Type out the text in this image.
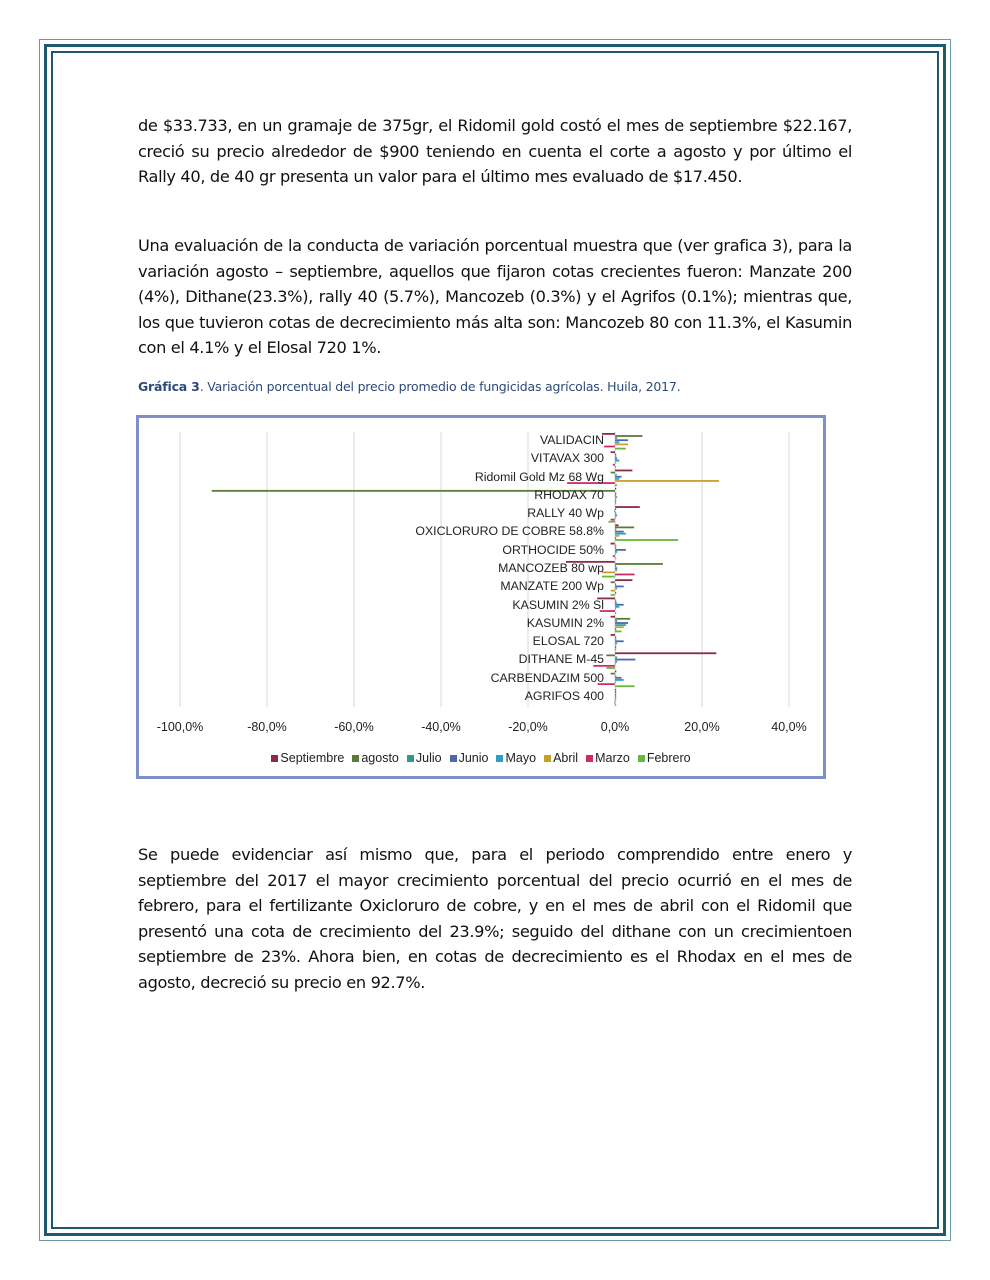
de $33.733, en un gramaje de 375gr, el Ridomil gold costó el mes de septiembre $22.167, creció su precio alrededor de $900 teniendo en cuenta el corte a agosto y por último el Rally 40, de 40 gr presenta un valor para el último mes evaluado de $17.450.

Una evaluación de la conducta de variación porcentual muestra que (ver grafica 3), para la variación agosto – septiembre, aquellos que fijaron cotas crecientes fueron: Manzate 200 (4%), Dithane(23.3%), rally 40 (5.7%), Mancozeb (0.3%) y el Agrifos (0.1%); mientras que, los que tuvieron cotas de decrecimiento más alta son: Mancozeb 80 con 11.3%, el Kasumin con el 4.1% y el Elosal 720 1%.

Gráfica 3. Variación porcentual del precio promedio de fungicidas agrícolas. Huila, 2017.
-100,0%	-80,0%	-60,0%	-40,0%	-20,0%	0,0%	20,0%	40,0%
VALIDACIN
VITAVAX 300
Ridomil Gold Mz 68 Wg
RHODAX 70
RALLY 40 Wp
OXICLORURO DE COBRE 58.8%
ORTHOCIDE 50%
MANCOZEB 80 wp
MANZATE 200 Wp
KASUMIN 2% Sl
KASUMIN 2%
ELOSAL 720
DITHANE M-45
CARBENDAZIM 500
AGRIFOS 400
Septiembre agosto Julio Junio Mayo Abril Marzo Febrero

Se puede evidenciar así mismo que, para el periodo comprendido entre enero y septiembre del 2017 el mayor crecimiento porcentual del precio ocurrió en el mes de febrero, para el fertilizante Oxicloruro de cobre, y en el mes de abril con el Ridomil que presentó una cota de crecimiento del 23.9%; seguido del dithane con un crecimientoen septiembre de 23%. Ahora bien, en cotas de decrecimiento es el Rhodax en el mes de agosto, decreció su precio en 92.7%.
